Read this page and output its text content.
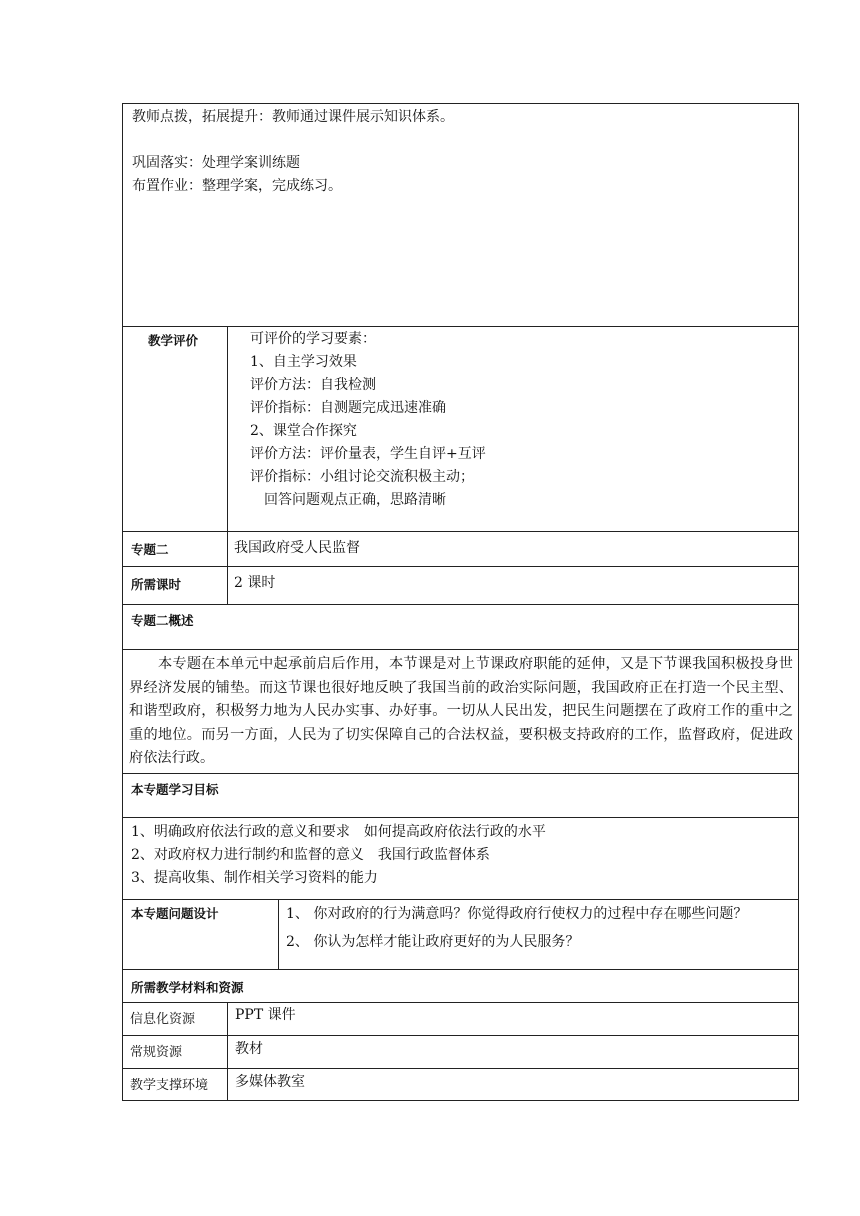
教师点拨，拓展提升：教师通过课件展示知识体系。
巩固落实：处理学案训练题
布置作业：整理学案，完成练习。
教学评价	可评价的学习要素：
1、自主学习效果
评价方法：自我检测
评价指标：自测题完成迅速准确
2、课堂合作探究
评价方法：评价量表，学生自评+互评
评价指标：小组讨论交流积极主动；
回答问题观点正确，思路清晰
专题二	我国政府受人民监督
所需课时	2 课时
专题二概述
本专题在本单元中起承前启后作用，本节课是对上节课政府职能的延伸，又是下节课我国积极投身世界经济发展的铺垫。而这节课也很好地反映了我国当前的政治实际问题，我国政府正在打造一个民主型、和谐型政府，积极努力地为人民办实事、办好事。一切从人民出发，把民生问题摆在了政府工作的重中之重的地位。而另一方面，人民为了切实保障自己的合法权益，要积极支持政府的工作，监督政府，促进政府依法行政。
本专题学习目标
1、明确政府依法行政的意义和要求　如何提高政府依法行政的水平
2、对政府权力进行制约和监督的意义　我国行政监督体系
3、提高收集、制作相关学习资料的能力
本专题问题设计	1、 你对政府的行为满意吗？你觉得政府行使权力的过程中存在哪些问题？
2、 你认为怎样才能让政府更好的为人民服务？
所需教学材料和资源
信息化资源	PPT 课件
常规资源	教材
教学支撑环境 多媒体教室
